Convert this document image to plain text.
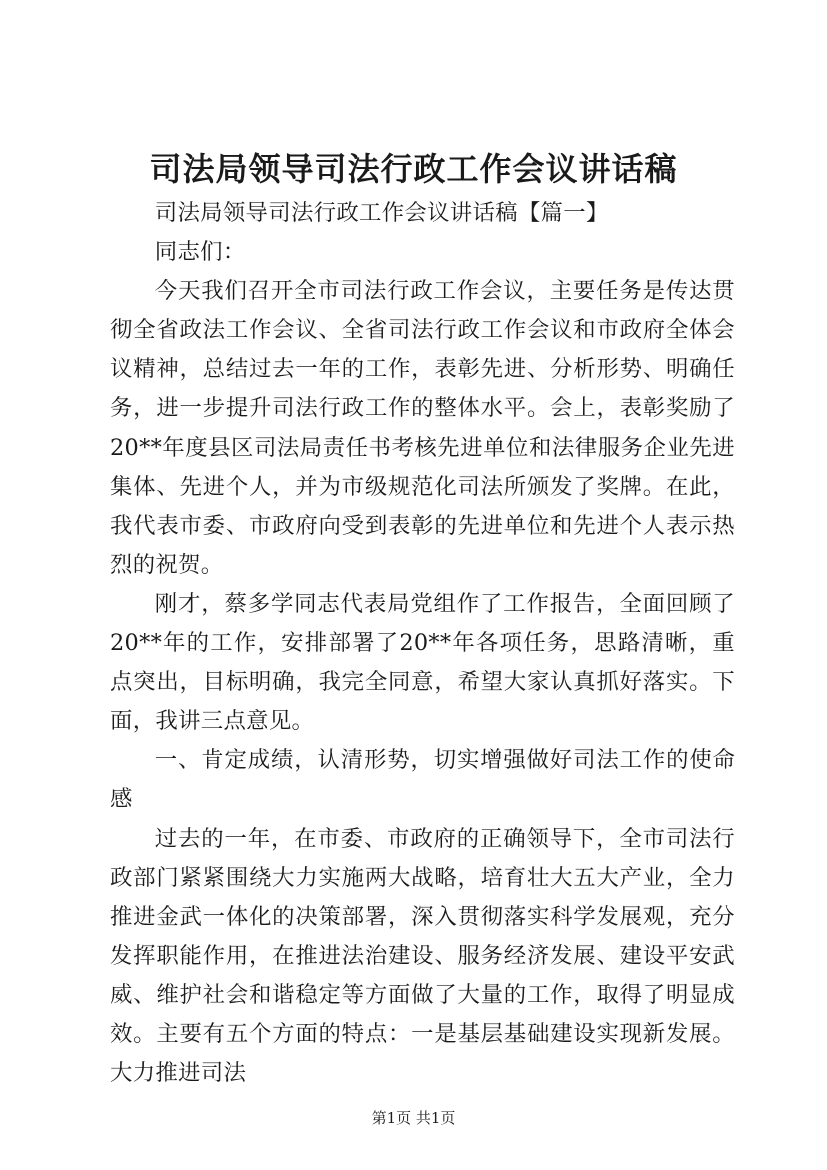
司法局领导司法行政工作会议讲话稿

司法局领导司法行政工作会议讲话稿【篇一】

同志们：

今天我们召开全市司法行政工作会议，主要任务是传达贯彻全省政法工作会议、全省司法行政工作会议和市政府全体会议精神，总结过去一年的工作，表彰先进、分析形势、明确任务，进一步提升司法行政工作的整体水平。会上，表彰奖励了20**年度县区司法局责任书考核先进单位和法律服务企业先进集体、先进个人，并为市级规范化司法所颁发了奖牌。在此，我代表市委、市政府向受到表彰的先进单位和先进个人表示热烈的祝贺。

刚才，蔡多学同志代表局党组作了工作报告，全面回顾了20**年的工作，安排部署了20**年各项任务，思路清晰，重点突出，目标明确，我完全同意，希望大家认真抓好落实。下面，我讲三点意见。

一、肯定成绩，认清形势，切实增强做好司法工作的使命感

过去的一年，在市委、市政府的正确领导下，全市司法行政部门紧紧围绕大力实施两大战略，培育壮大五大产业，全力推进金武一体化的决策部署，深入贯彻落实科学发展观，充分发挥职能作用，在推进法治建设、服务经济发展、建设平安武威、维护社会和谐稳定等方面做了大量的工作，取得了明显成效。主要有五个方面的特点：一是基层基础建设实现新发展。大力推进司法

第1页 共1页
